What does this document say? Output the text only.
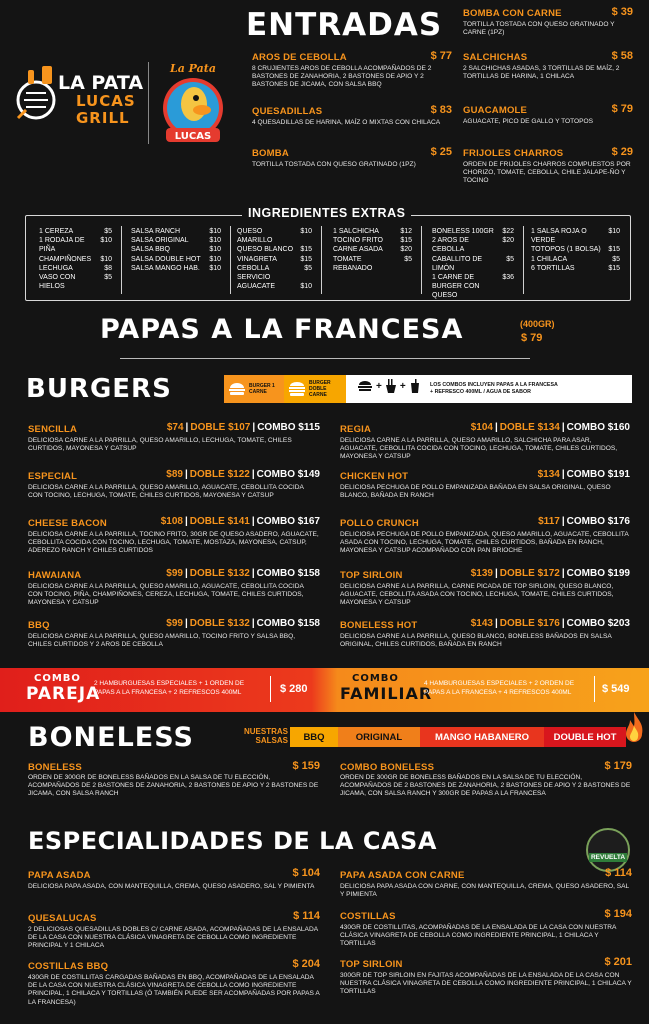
LA PATA
LUCAS
GRILL
LUCAS
La Pata
ENTRADAS
AROS DE CEBOLLA	$ 77
8 CRUJIENTES AROS DE CEBOLLA ACOMPAÑADOS DE 2 BASTONES DE ZANAHORIA, 2 BASTONES DE APIO Y 2 BASTONES DE JICAMA, CON SALSA BBQ
QUESADILLAS	$ 83
4 QUESADILLAS DE HARINA, MAÍZ O MIXTAS CON CHILACA
BOMBA	$ 25
TORTILLA TOSTADA CON QUESO GRATINADO (1PZ)
BOMBA CON CARNE	$ 39
TORTILLA TOSTADA CON QUESO GRATINADO Y CARNE (1PZ)
SALCHICHAS	$ 58
2 SALCHICHAS ASADAS, 3 TORTILLAS DE MAÍZ, 2 TORTILLAS DE HARINA, 1 CHILACA
GUACAMOLE	$ 79
AGUACATE, PICO DE GALLO Y TOTOPOS
FRIJOLES CHARROS	$ 29
ORDEN DE FRIJOLES CHARROS COMPUESTOS POR CHORIZO, TOMATE, CEBOLLA, CHILE JALAPE-ÑO Y TOCINO
INGREDIENTES EXTRAS
1 CEREZA	$5
1 RODAJA DE PIÑA
$10
CHAMPIÑONES $10
LECHUGA	$8
VASO CON HIELOS
$5
SALSA RANCH	$10
SALSA ORIGINAL	$10
SALSA BBQ	$10
SALSA DOUBLE HOT $10
SALSA MANGO HAB. $10
QUESO AMARILLO
$10
QUESO BLANCO $15
VINAGRETA	$15
CEBOLLA SERVICIO
$5
AGUACATE	$10
1 SALCHICHA	$12
TOCINO FRITO $15
CARNE ASADA	$20
TOMATE REBANADO
$5
BONELESS 100GR $22
2 AROS DE CEBOLLA
$20
CABALLITO DE LIMÓN
$5
1 CARNE DE BURGER CON QUESO
$36
1 SALSA ROJA O VERDE
$10
TOTOPOS (1 BOLSA) $15
1 CHILACA	$5
6 TORTILLAS	$15
PAPAS A LA FRANCESA	(400GR)
$ 79
BURGERS	BURGER 1 CARNE
BURGER DOBLE CARNE
+ +	LOS COMBOS INCLUYEN PAPAS A LA FRANCESA + REFRESCO 400ML / AGUA DE SABOR
SENCILLA	$74 | DOBLE $107 | COMBO $115
DELICIOSA CARNE A LA PARRILLA, QUESO AMARILLO, LECHUGA, TOMATE, CHILES CURTIDOS, MAYONESA Y CATSUP
ESPECIAL	$89 | DOBLE $122 | COMBO $149
DELICIOSA CARNE A LA PARRILLA, QUESO AMARILLO, AGUACATE, CEBOLLITA COCIDA CON TOCINO, LECHUGA, TOMATE, CHILES CURTIDOS, MAYONESA Y CATSUP
CHEESE BACON	$108 | DOBLE $141 | COMBO $167
DELICIOSA CARNE A LA PARRILLA, TOCINO FRITO, 30GR DE QUESO ASADERO, AGUACATE, CEBOLLITA COCIDA CON TOCINO, LECHUGA, TOMATE, MOSTAZA, MAYONESA, CATSUP, ADEREZO RANCH Y CHILES CURTIDOS
HAWAIANA	$99 | DOBLE $132 | COMBO $158
DELICIOSA CARNE A LA PARRILLA, QUESO AMARILLO, AGUACATE, CEBOLLITA COCIDA CON TOCINO, PIÑA, CHAMPIÑONES, CEREZA, LECHUGA, TOMATE, CHILES CURTIDOS, MAYONESA Y CATSUP
BBQ	$99 | DOBLE $132 | COMBO $158
DELICIOSA CARNE A LA PARRILLA, QUESO AMARILLO, TOCINO FRITO Y SALSA BBQ, CHILES CURTIDOS Y 2 AROS DE CEBOLLA
REGIA	$104 | DOBLE $134 | COMBO $160
DELICIOSA CARNE A LA PARRILLA, QUESO AMARILLO, SALCHICHA PARA ASAR, AGUACATE, CEBOLLITA COCIDA CON TOCINO, LECHUGA, TOMATE, CHILES CURTIDOS, MAYONESA Y CATSUP
CHICKEN HOT	$134 | COMBO $191
DELICIOSA PECHUGA DE POLLO EMPANIZADA BAÑADA EN SALSA ORIGINAL, QUESO BLANCO, BAÑADA EN RANCH
POLLO CRUNCH	$117 | COMBO $176
DELICIOSA PECHUGA DE POLLO EMPANIZADA, QUESO AMARILLO, AGUACATE, CEBOLLITA ASADA CON TOCINO, LECHUGA, TOMATE, CHILES CURTIDOS, BAÑADA EN RANCH, MAYONESA Y CATSUP ACOMPAÑADO CON PAN BRIOCHE
TOP SIRLOIN	$139 | DOBLE $172 | COMBO $199
DELICIOSA CARNE A LA PARRILLA, CARNE PICADA DE TOP SIRLOIN, QUESO BLANCO, AGUACATE, CEBOLLITA ASADA CON TOCINO, LECHUGA, TOMATE, CHILES CURTIDOS, MAYONESA Y CATSUP
BONELESS HOT	$143 | DOBLE $176 | COMBO $203
DELICIOSA CARNE A LA PARRILLA, QUESO BLANCO, BONELESS BAÑADOS EN SALSA ORIGINAL, CHILES CURTIDOS, BAÑADA EN RANCH
COMBO
PAREJA
2 HAMBURGUESAS ESPECIALES + 1 ORDEN DE PAPAS A LA FRANCESA + 2 REFRESCOS 400ML	$ 280
COMBO
FAMILIAR
4 HAMBURGUESAS ESPECIALES + 2 ORDEN DE PAPAS A LA FRANCESA + 4 REFRESCOS 400ML	$ 549
BONELESS	NUESTRAS
SALSAS	BBQ	ORIGINAL	MANGO HABANERO	DOUBLE HOT
BONELESS	$ 159
ORDEN DE 300GR DE BONELESS BAÑADOS EN LA SALSA DE TU ELECCIÓN, ACOMPAÑADOS DE 2 BASTONES DE ZANAHORIA, 2 BASTONES DE APIO Y 2 BASTONES DE JICAMA, CON SALSA RANCH
COMBO BONELESS	$ 179
ORDEN DE 300GR DE BONELESS BAÑADOS EN LA SALSA DE TU ELECCIÓN, ACOMPAÑADOS DE 2 BASTONES DE ZANAHORIA, 2 BASTONES DE APIO Y 2 BASTONES DE JICAMA, CON SALSA RANCH Y 300GR DE PAPAS A LA FRANCESA
ESPECIALIDADES DE LA CASA
REVUELTA
PAPA ASADA	$ 104
DELICIOSA PAPA ASADA, CON MANTEQUILLA, CREMA, QUESO ASADERO, SAL Y PIMIENTA
QUESALUCAS	$ 114
2 DELICIOSAS QUESADILLAS DOBLES C/ CARNE ASADA, ACOMPAÑADAS DE LA ENSALADA DE LA CASA CON NUESTRA CLÁSICA VINAGRETA DE CEBOLLA COMO INGREDIENTE PRINCIPAL Y 1 CHILACA
COSTILLAS BBQ	$ 204
430GR DE COSTILLITAS CARGADAS BAÑADAS EN BBQ, ACOMPAÑADAS DE LA ENSALADA DE LA CASA CON NUESTRA CLÁSICA VINAGRETA DE CEBOLLA COMO INGREDIENTE PRINCIPAL, 1 CHILACA Y TORTILLAS (Ó TAMBIÉN PUEDE SER ACOMPAÑADAS POR PAPAS A LA FRANCESA)
PAPA ASADA CON CARNE	$ 114
DELICIOSA PAPA ASADA CON CARNE, CON MANTEQUILLA, CREMA, QUESO ASADERO, SAL Y PIMIENTA
COSTILLAS	$ 194
430GR DE COSTILLITAS, ACOMPAÑADAS DE LA ENSALADA DE LA CASA CON NUESTRA CLÁSICA VINAGRETA DE CEBOLLA COMO INGREDIENTE PRINCIPAL, 1 CHILACA Y TORTILLAS
TOP SIRLOIN	$ 201
300GR DE TOP SIRLOIN EN FAJITAS ACOMPAÑADAS DE LA ENSALADA DE LA CASA CON NUESTRA CLÁSICA VINAGRETA DE CEBOLLA COMO INGREDIENTE PRINCIPAL, 1 CHILACA Y TORTILLAS
